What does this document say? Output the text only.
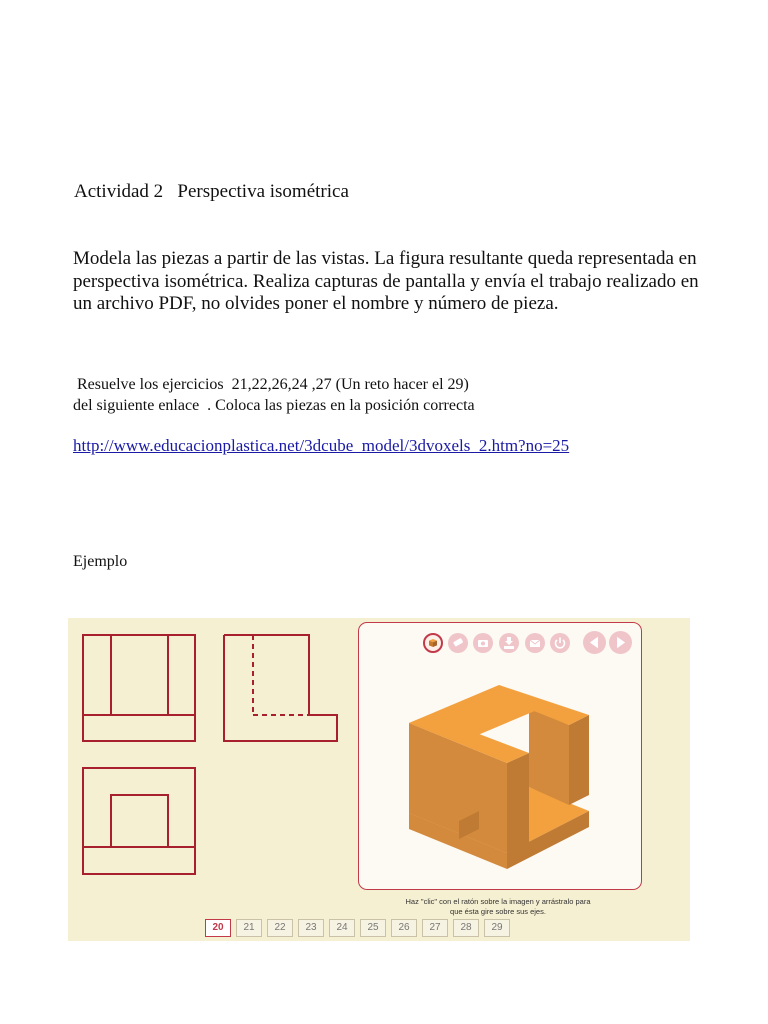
Actividad 2   Perspectiva isométrica
Modela las piezas a partir de las vistas. La figura resultante queda representada en perspectiva isométrica. Realiza capturas de pantalla y envía el trabajo realizado en un archivo PDF, no olvides poner el nombre y número de pieza.
Resuelve los ejercicios  21,22,26,24 ,27 (Un reto hacer el 29)
del siguiente enlace  . Coloca las piezas en la posición correcta
http://www.educacionplastica.net/3dcube_model/3dvoxels_2.htm?no=25
Ejemplo
Haz "clic" con el ratón sobre la imagen y arrástralo para
que ésta gire sobre sus ejes.
20	21	22	23	24	25	26	27	28	29
